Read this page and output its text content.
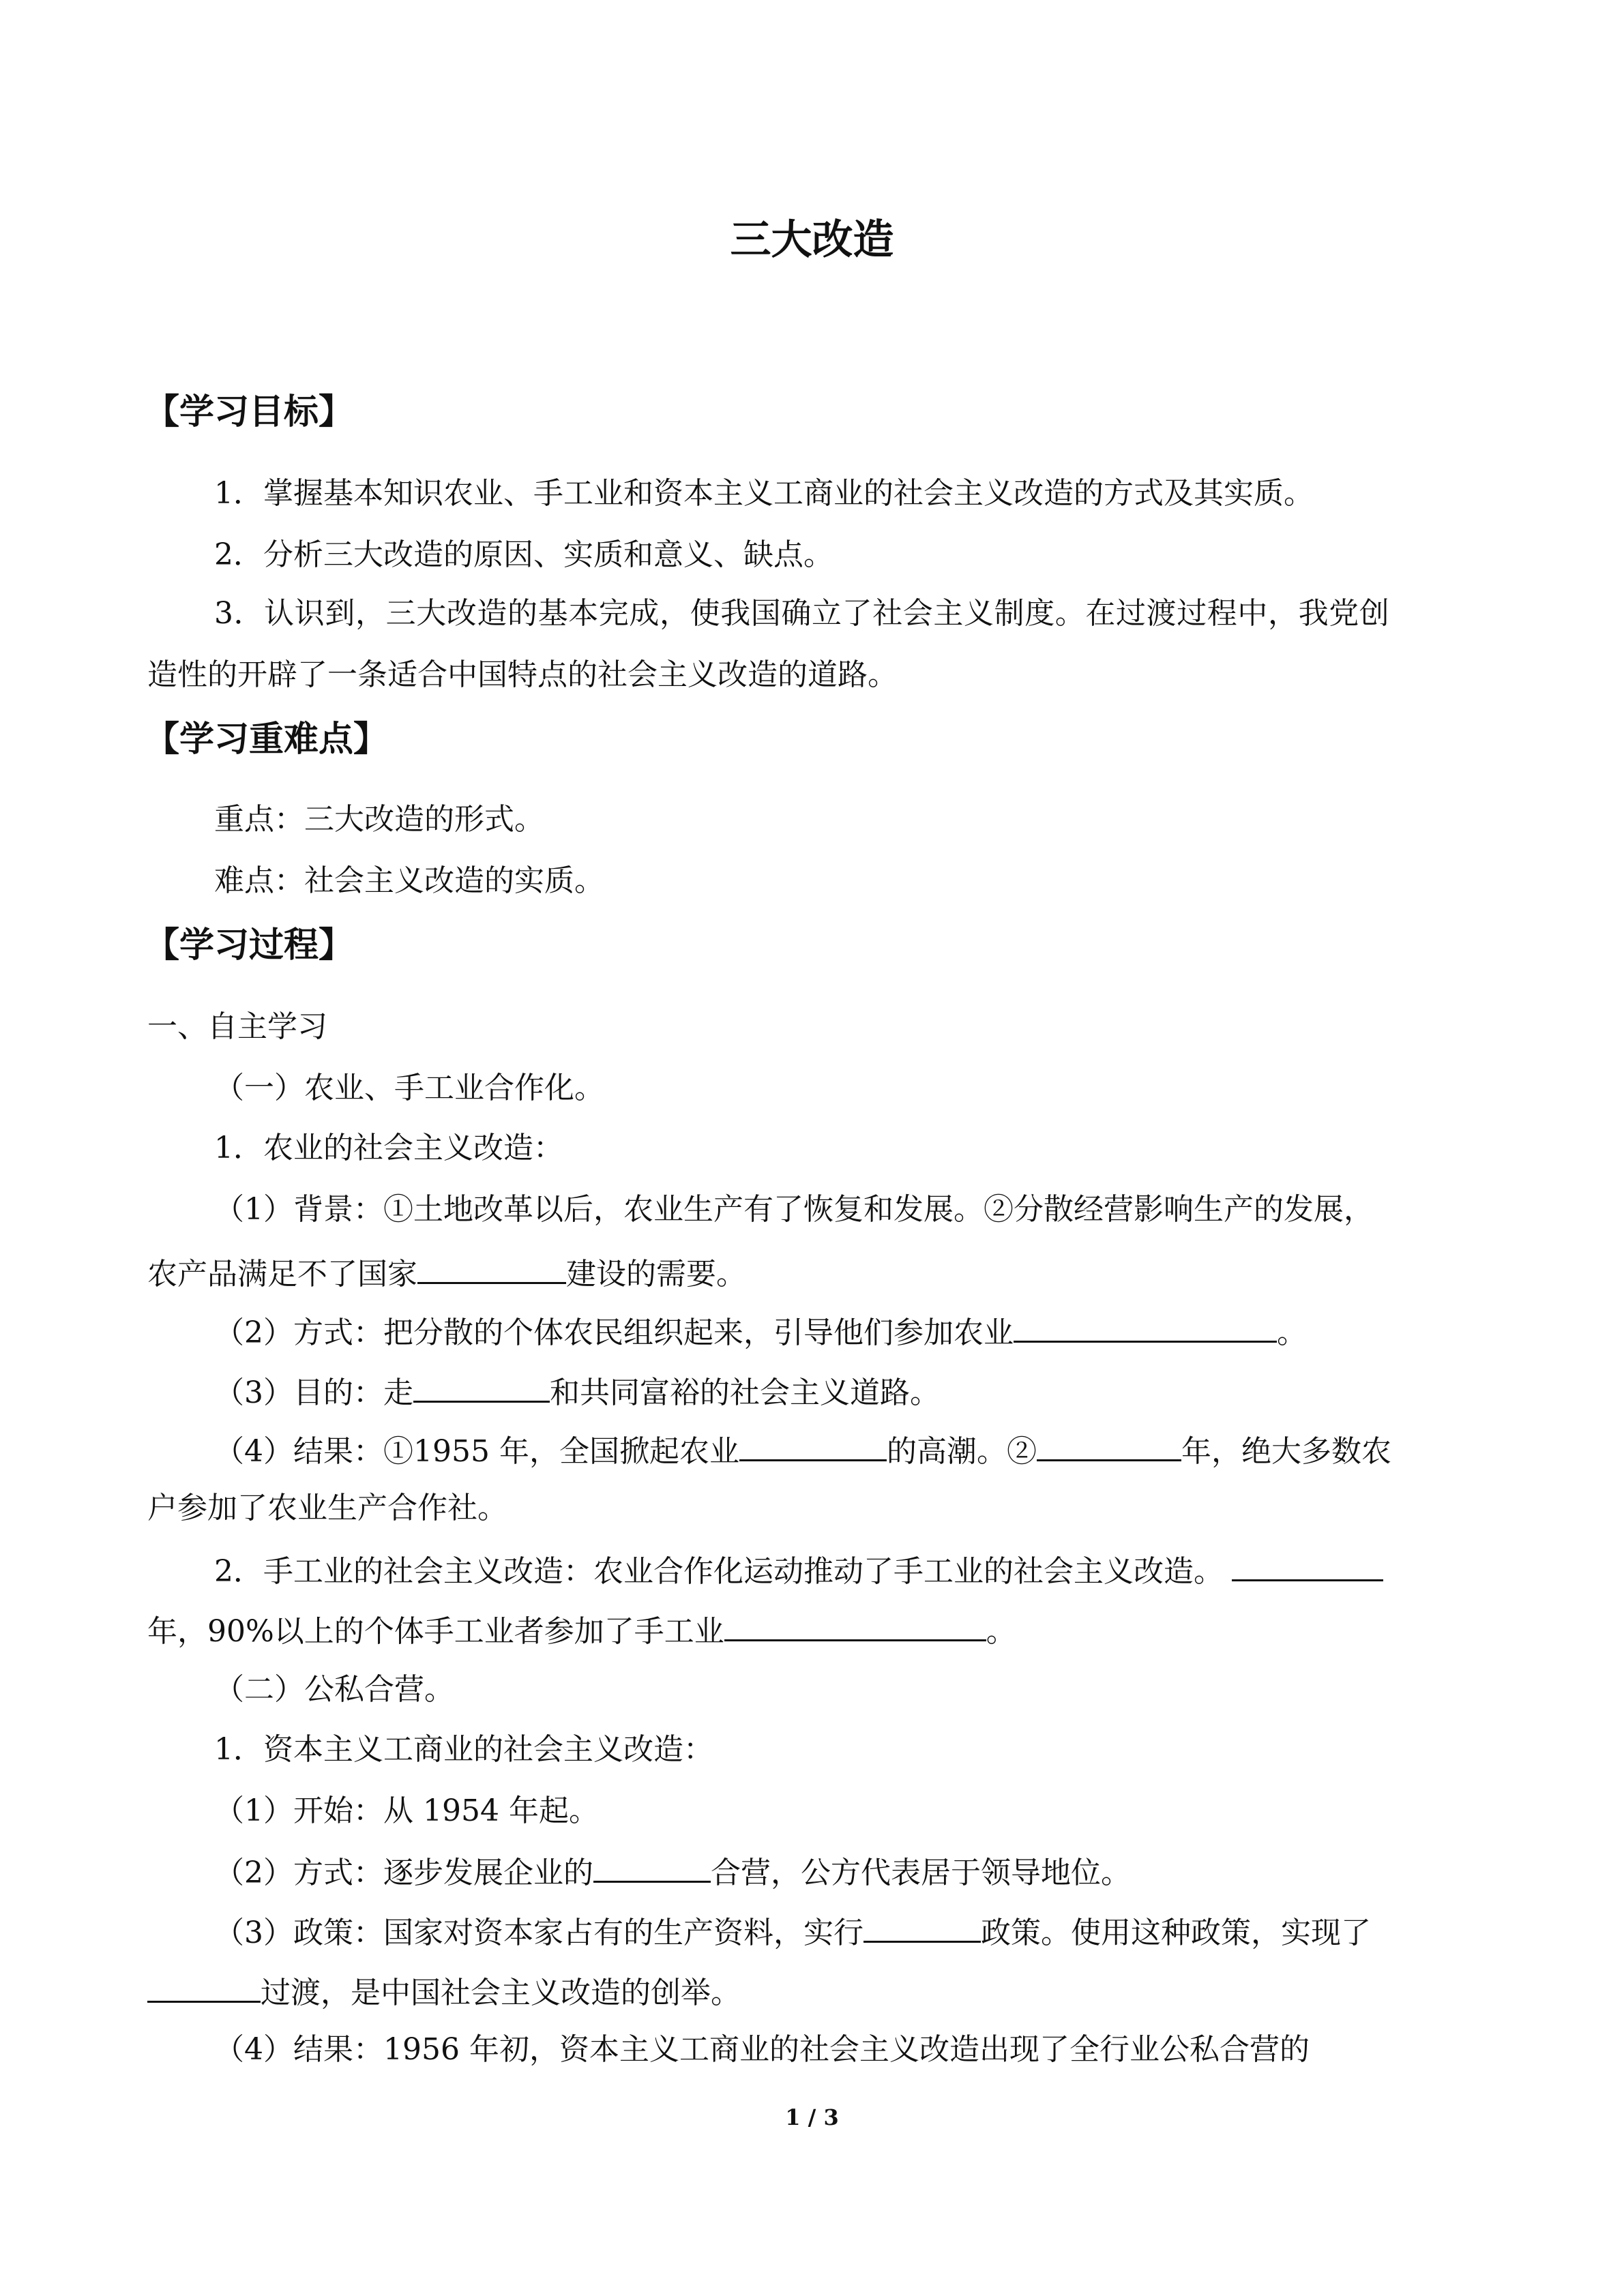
三大改造
【学习目标】
1．掌握基本知识农业、手工业和资本主义工商业的社会主义改造的方式及其实质。
2．分析三大改造的原因、实质和意义、缺点。
3．认识到，三大改造的基本完成，使我国确立了社会主义制度。在过渡过程中，我党创
造性的开辟了一条适合中国特点的社会主义改造的道路。
【学习重难点】
重点：三大改造的形式。
难点：社会主义改造的实质。
【学习过程】
一、自主学习
（一）农业、手工业合作化。
1．农业的社会主义改造：
（1）背景：①土地改革以后，农业生产有了恢复和发展。②分散经营影响生产的发展，
农产品满足不了国家	建设的需要。
（2）方式：把分散的个体农民组织起来，引导他们参加农业	。
（3）目的：走	和共同富裕的社会主义道路。
（4）结果：①1955 年，全国掀起农业	的高潮。②	年，绝大多数农
户参加了农业生产合作社。
2．手工业的社会主义改造：农业合作化运动推动了手工业的社会主义改造。
年，90%以上的个体手工业者参加了手工业	。
（二）公私合营。
1．资本主义工商业的社会主义改造：
（1）开始：从 1954 年起。
（2）方式：逐步发展企业的	合营，公方代表居于领导地位。
（3）政策：国家对资本家占有的生产资料，实行	政策。使用这种政策，实现了
过渡，是中国社会主义改造的创举。
（4）结果：1956 年初，资本主义工商业的社会主义改造出现了全行业公私合营的
1 / 3
